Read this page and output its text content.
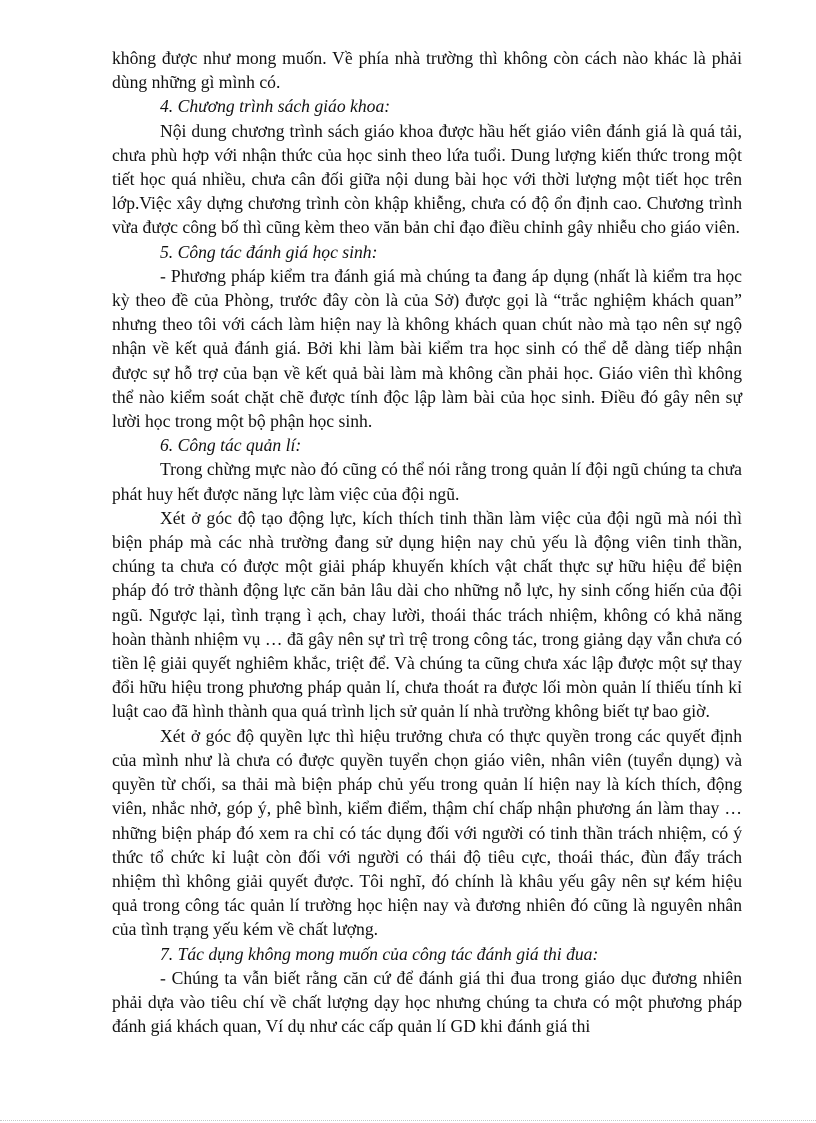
không được như mong muốn. Về phía nhà trường thì không còn cách nào khác là phải dùng những gì mình có.

4. Chương trình sách giáo khoa:

Nội dung chương trình sách giáo khoa được hầu hết giáo viên đánh giá là quá tải, chưa phù hợp với nhận thức của học sinh theo lứa tuổi. Dung lượng kiến thức trong một tiết học quá nhiều, chưa cân đối giữa nội dung bài học với thời lượng một tiết học trên lớp.Việc xây dựng chương trình còn khập khiễng, chưa có độ ổn định cao. Chương trình vừa được công bố thì cũng kèm theo văn bản chỉ đạo điều chỉnh gây nhiễu cho giáo viên.

5. Công tác đánh giá học sinh:

- Phương pháp kiểm tra đánh giá mà chúng ta đang áp dụng (nhất là kiểm tra học kỳ theo đề của Phòng, trước đây còn là của Sở) được gọi là “trắc nghiệm khách quan” nhưng theo tôi với cách làm hiện nay là không khách quan chút nào mà tạo nên sự ngộ nhận về kết quả đánh giá. Bởi khi làm bài kiểm tra học sinh có thể dễ dàng tiếp nhận được sự hỗ trợ của bạn về kết quả bài làm mà không cần phải học. Giáo viên thì không thể nào kiểm soát chặt chẽ được tính độc lập làm bài của học sinh. Điều đó gây nên sự lười học trong một bộ phận học sinh.

6. Công tác quản lí:

Trong chừng mực nào đó cũng có thể nói rằng trong quản lí đội ngũ chúng ta chưa phát huy hết được năng lực làm việc của đội ngũ.

Xét ở góc độ tạo động lực, kích thích tinh thần làm việc của đội ngũ mà nói thì biện pháp mà các nhà trường đang sử dụng hiện nay chủ yếu là động viên tinh thần, chúng ta chưa có được một giải pháp khuyến khích vật chất thực sự hữu hiệu để biện pháp đó trở thành động lực căn bản lâu dài cho những nỗ lực, hy sinh cống hiến của đội ngũ. Ngược lại, tình trạng ì ạch, chay lười, thoái thác trách nhiệm, không có khả năng hoàn thành nhiệm vụ … đã gây nên sự trì trệ trong công tác, trong giảng dạy vẫn chưa có tiền lệ giải quyết nghiêm khắc, triệt để. Và chúng ta cũng chưa xác lập được một sự thay đổi hữu hiệu trong phương pháp quản lí, chưa thoát ra được lối mòn quản lí thiếu tính kỉ luật cao đã hình thành qua quá trình lịch sử quản lí nhà trường không biết tự bao giờ.

Xét ở góc độ quyền lực thì hiệu trưởng chưa có thực quyền trong các quyết định của mình như là chưa có được quyền tuyển chọn giáo viên, nhân viên (tuyển dụng) và quyền từ chối, sa thải mà biện pháp chủ yếu trong quản lí hiện nay là kích thích, động viên, nhắc nhở, góp ý, phê bình, kiểm điểm, thậm chí chấp nhận phương án làm thay … những biện pháp đó xem ra chỉ có tác dụng đối với người có tinh thần trách nhiệm, có ý thức tổ chức kỉ luật còn đối với người có thái độ tiêu cực, thoái thác, đùn đẩy trách nhiệm thì không giải quyết được. Tôi nghĩ, đó chính là khâu yếu gây nên sự kém hiệu quả trong công tác quản lí trường học hiện nay và đương nhiên đó cũng là nguyên nhân của tình trạng yếu kém về chất lượng.

7. Tác dụng không mong muốn của công tác đánh giá thi đua:

- Chúng ta vẫn biết rằng căn cứ để đánh giá thi đua trong giáo dục đương nhiên phải dựa vào tiêu chí về chất lượng dạy học nhưng chúng ta chưa có một phương pháp đánh giá khách quan, Ví dụ như các cấp quản lí GD khi đánh giá thi
